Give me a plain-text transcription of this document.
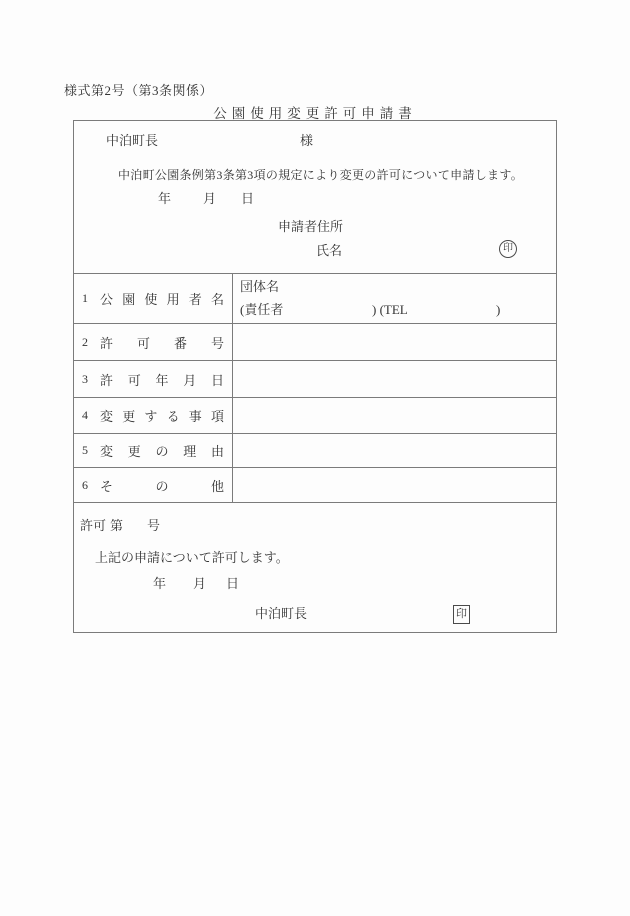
様式第2号（第3条関係）
公園使用変更許可申請書
中泊町長	様
中泊町公園条例第3条第3項の規定により変更の許可について申請します。
年 月 日
申請者住所
氏名	印
1 公園使用者名
団体名
(責任者	) (TEL	)
2 許可番号
3 許可年月日
4 変更する事項
5 変更の理由
6 その他
許可 第 号
上記の申請について許可します。
年 月 日
中泊町長	印
